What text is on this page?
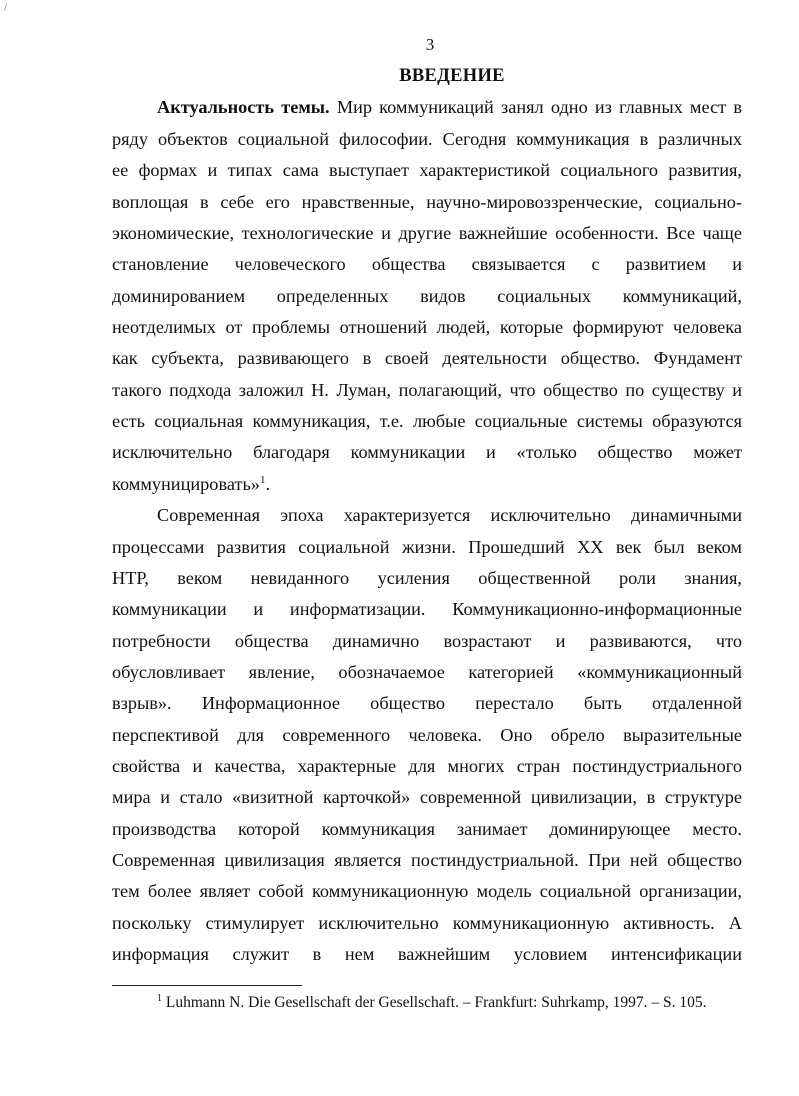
/
3
ВВЕДЕНИЕ
Актуальность темы. Мир коммуникаций занял одно из главных мест в
ряду объектов социальной философии. Сегодня коммуникация в различных
ее формах и типах сама выступает характеристикой социального развития,
воплощая в себе его нравственные, научно-мировоззренческие, социально-
экономические, технологические и другие важнейшие особенности. Все чаще
становление человеческого общества связывается с развитием и
доминированием определенных видов социальных коммуникаций,
неотделимых от проблемы отношений людей, которые формируют человека
как субъекта, развивающего в своей деятельности общество. Фундамент
такого подхода заложил Н. Луман, полагающий, что общество по существу и
есть социальная коммуникация, т.е. любые социальные системы образуются
исключительно благодаря коммуникации и «только общество может
коммуницировать»$^1$.
Современная эпоха характеризуется исключительно динамичными
процессами развития социальной жизни. Прошедший XX век был веком
НТР, веком невиданного усиления общественной роли знания,
коммуникации и информатизации. Коммуникационно-информационные
потребности общества динамично возрастают и развиваются, что
обусловливает явление, обозначаемое категорией «коммуникационный
взрыв». Информационное общество перестало быть отдаленной
перспективой для современного человека. Оно обрело выразительные
свойства и качества, характерные для многих стран постиндустриального
мира и стало «визитной карточкой» современной цивилизации, в структуре
производства которой коммуникация занимает доминирующее место.
Современная цивилизация является постиндустриальной. При ней общество
тем более являет собой коммуникационную модель социальной организации,
поскольку стимулирует исключительно коммуникационную активность. А
информация служит в нем важнейшим условием интенсификации
$^1$ Luhmann N. Die Gesellschaft der Gesellschaft. – Frankfurt: Suhrkamp, 1997. – S. 105.
